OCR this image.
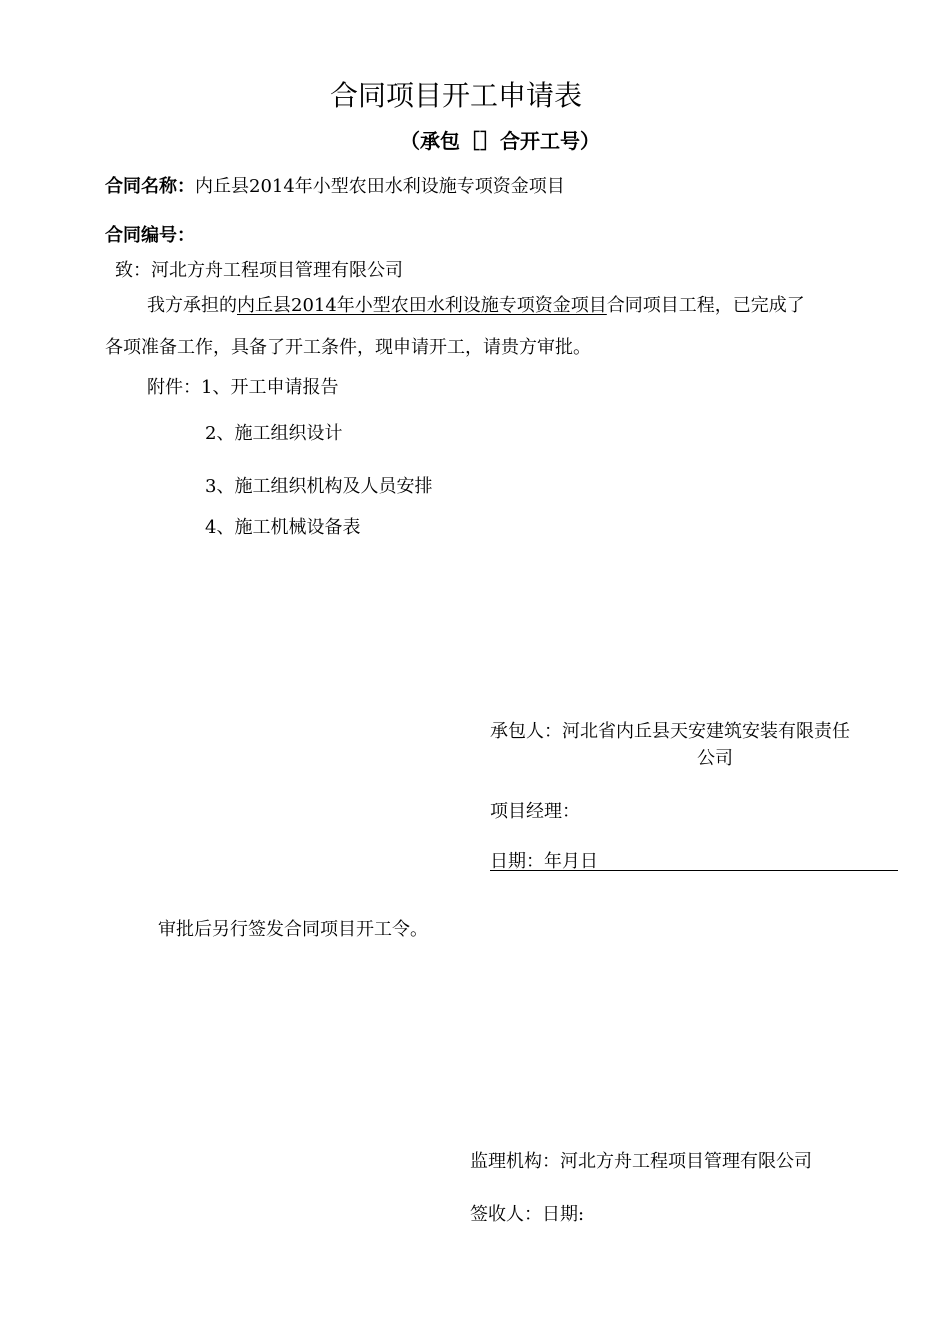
合同项目开工申请表
（承包［］合开工号）
合同名称：内丘县2014年小型农田水利设施专项资金项目
合同编号：
致：河北方舟工程项目管理有限公司
我方承担的内丘县2014年小型农田水利设施专项资金项目合同项目工程，已完成了
各项准备工作，具备了开工条件，现申请开工，请贵方审批。
附件：1、开工申请报告
2、施工组织设计
3、施工组织机构及人员安排
4、施工机械设备表
承包人：河北省内丘县天安建筑安装有限责任
公司
项目经理：
日期：年月日
审批后另行签发合同项目开工令。
监理机构：河北方舟工程项目管理有限公司
签收人：日期:
